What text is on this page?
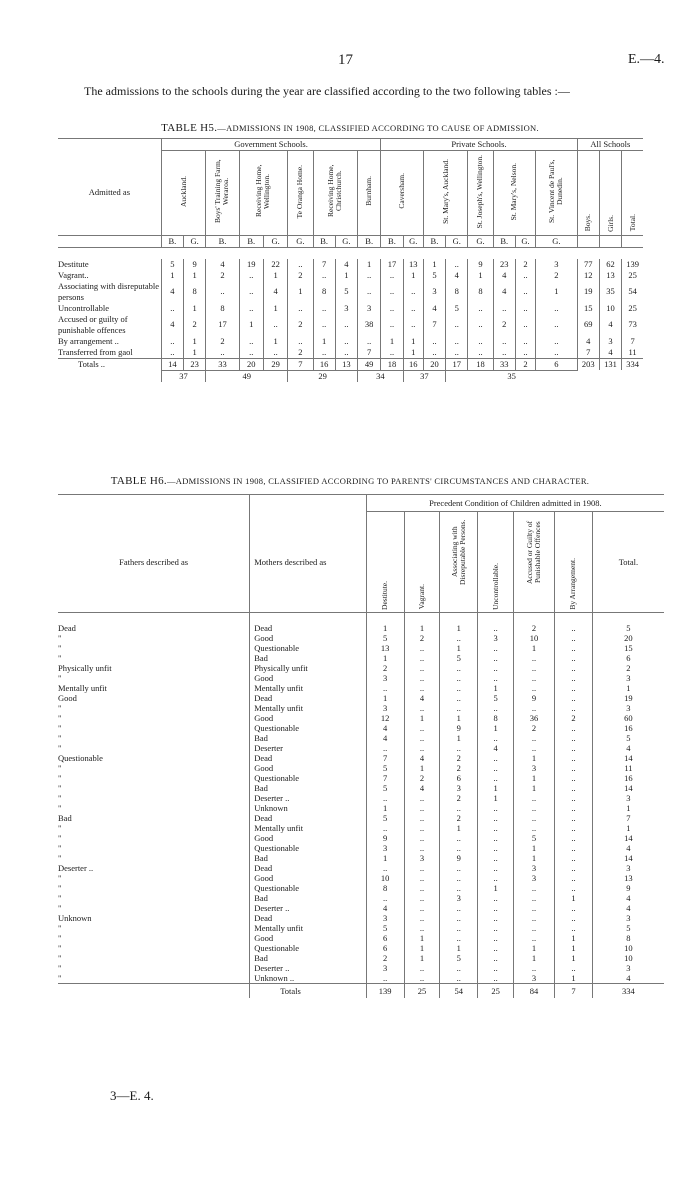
17	E.—4.
The admissions to the schools during the year are classified according to the two following tables :—
TABLE H5.—ADMISSIONS IN 1908, CLASSIFIED ACCORDING TO CAUSE OF ADMISSION.
	Government Schools.									Private Schools.								All Schools		
Admitted as	Auckland.		Boys' Training Farm, Weraroa.	Receiving Home, Wellington.		Te Oranga Home.	Receiving Home, Christchurch.		Burnham.	Caversham.		St. Mary's, Auckland.		St. Joseph's, Wellington.	St. Mary's, Nelson.		St. Vincent de Paul's, Dunedin.	Boys.	Girls.	Total.
	B.	G.	B.	B.	G.	G.	B.	G.	B.	B.	G.	B.	G.	G.	B.	G.	G.			

Destitute	5	9	4	19	22	..	7	4	1	17	13	1	..	9	23	2	3	77	62	139
Vagrant..	1	1	2	..	1	2	..	1	..	..	1	5	4	1	4	..	2	12	13	25
Associating with disreputable persons	4	8	..	..	4	1	8	5	..	..	..	3	8	8	4	..	1	19	35	54
Uncontrollable	..	1	8	..	1	..	..	3	3	..	..	4	5	..	..	..	..	15	10	25
Accused or guilty of punishable offences	4	2	17	1	..	2	..	..	38	..	..	7	..	..	2	..	..	69	4	73
By arrangement ..	..	1	2	..	1	..	1	..	..	1	1	..	..	..	..	..	..	4	3	7
Transferred from gaol	..	1	..	..	..	2	..	..	7	..	1	..	..	..	..	..	..	7	4	11
Totals ..	14	23	33	20	29	7	16	13	49	18	16	20	17	18	33	2	6	203	131	334
	37		49			29			34		37		35							
TABLE H6.—ADMISSIONS IN 1908, CLASSIFIED ACCORDING TO PARENTS' CIRCUMSTANCES AND CHARACTER.
		Precedent Condition of Children admitted in 1908.						
Fathers described as	Mothers described as	Destitute.	Vagrant.	Associating with Disreputable Persons.	Uncontrollable.	Accused or Guilty of Punishable Offences	By Arrangement.	Total.

Dead	Dead	1	1	1	..	2	..	5
"	Good	5	2	..	3	10	..	20
"	Questionable	13	..	1	..	1	..	15
"	Bad	1	..	5	..	..	..	6
Physically unfit	Physically unfit	2	..	..	..	..	..	2
"	Good	3	..	..	..	..	..	3
Mentally unfit	Mentally unfit	..	..	..	1	..	..	1
Good	Dead	1	4	..	5	9	..	19
"	Mentally unfit	3	..	..	..	..	..	3
"	Good	12	1	1	8	36	2	60
"	Questionable	4	..	9	1	2	..	16
"	Bad	4	..	1	..	..	..	5
"	Deserter	..	..	..	4	..	..	4
Questionable	Dead	7	4	2	..	1	..	14
"	Good	5	1	2	..	3	..	11
"	Questionable	7	2	6	..	1	..	16
"	Bad	5	4	3	1	1	..	14
"	Deserter ..	..	..	2	1	..	..	3
"	Unknown	1	..	..	..	..	..	1
Bad	Dead	5	..	2	..	..	..	7
"	Mentally unfit	..	..	1	..	..	..	1
"	Good	9	..	..	..	5	..	14
"	Questionable	3	..	..	..	1	..	4
"	Bad	1	3	9	..	1	..	14
Deserter ..	Dead	..	..	..	..	3	..	3
"	Good	10	..	..	..	3	..	13
"	Questionable	8	..	..	1	..	..	9
"	Bad	..	..	3	..	..	1	4
"	Deserter ..	4	..	..	..	..	..	4
Unknown	Dead	3	..	..	..	..	..	3
"	Mentally unfit	5	..	..	..	..	..	5
"	Good	6	1	..	..	..	1	8
"	Questionable	6	1	1	..	1	1	10
"	Bad	2	1	5	..	1	1	10
"	Deserter ..	3	..	..	..	..	..	3
"	Unknown ..	..	..	..	..	3	1	4
	Totals	139	25	54	25	84	7	334
3—E. 4.
